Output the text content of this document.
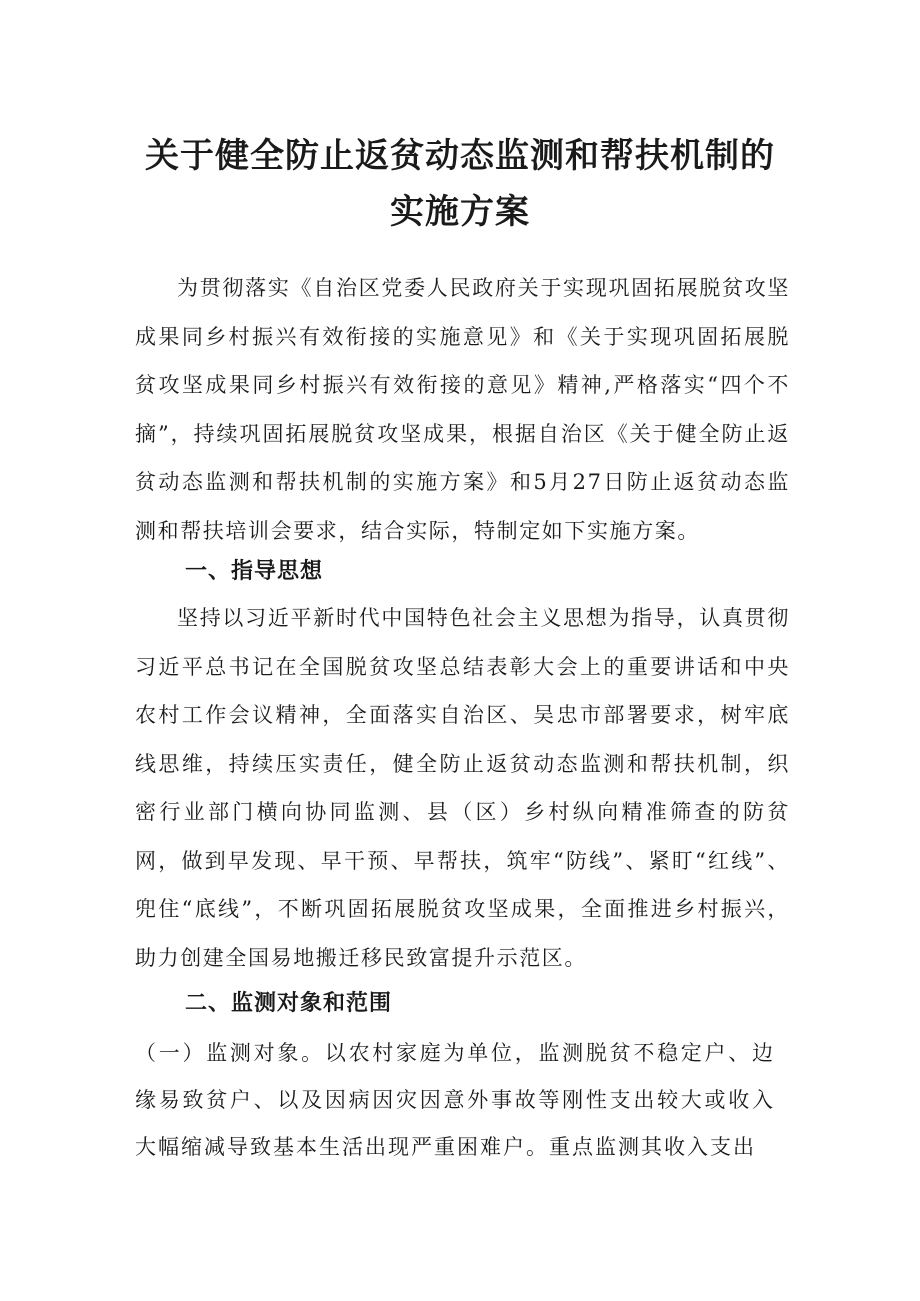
关于健全防止返贫动态监测和帮扶机制的实施方案

为贯彻落实《自治区党委人民政府关于实现巩固拓展脱贫攻坚成果同乡村振兴有效衔接的实施意见》和《关于实现巩固拓展脱贫攻坚成果同乡村振兴有效衔接的意见》精神,严格落实“四个不摘”，持续巩固拓展脱贫攻坚成果，根据自治区《关于健全防止返贫动态监测和帮扶机制的实施方案》和5月27日防止返贫动态监测和帮扶培训会要求，结合实际，特制定如下实施方案。

一、指导思想

坚持以习近平新时代中国特色社会主义思想为指导，认真贯彻习近平总书记在全国脱贫攻坚总结表彰大会上的重要讲话和中央农村工作会议精神，全面落实自治区、吴忠市部署要求，树牢底线思维，持续压实责任，健全防止返贫动态监测和帮扶机制，织密行业部门横向协同监测、县（区）乡村纵向精准筛查的防贫网，做到早发现、早干预、早帮扶，筑牢“防线”、紧盯“红线”、兜住“底线”，不断巩固拓展脱贫攻坚成果，全面推进乡村振兴，助力创建全国易地搬迁移民致富提升示范区。

二、监测对象和范围

（一）监测对象。以农村家庭为单位，监测脱贫不稳定户、边缘易致贫户、以及因病因灾因意外事故等刚性支出较大或收入大幅缩减导致基本生活出现严重困难户。重点监测其收入支出
